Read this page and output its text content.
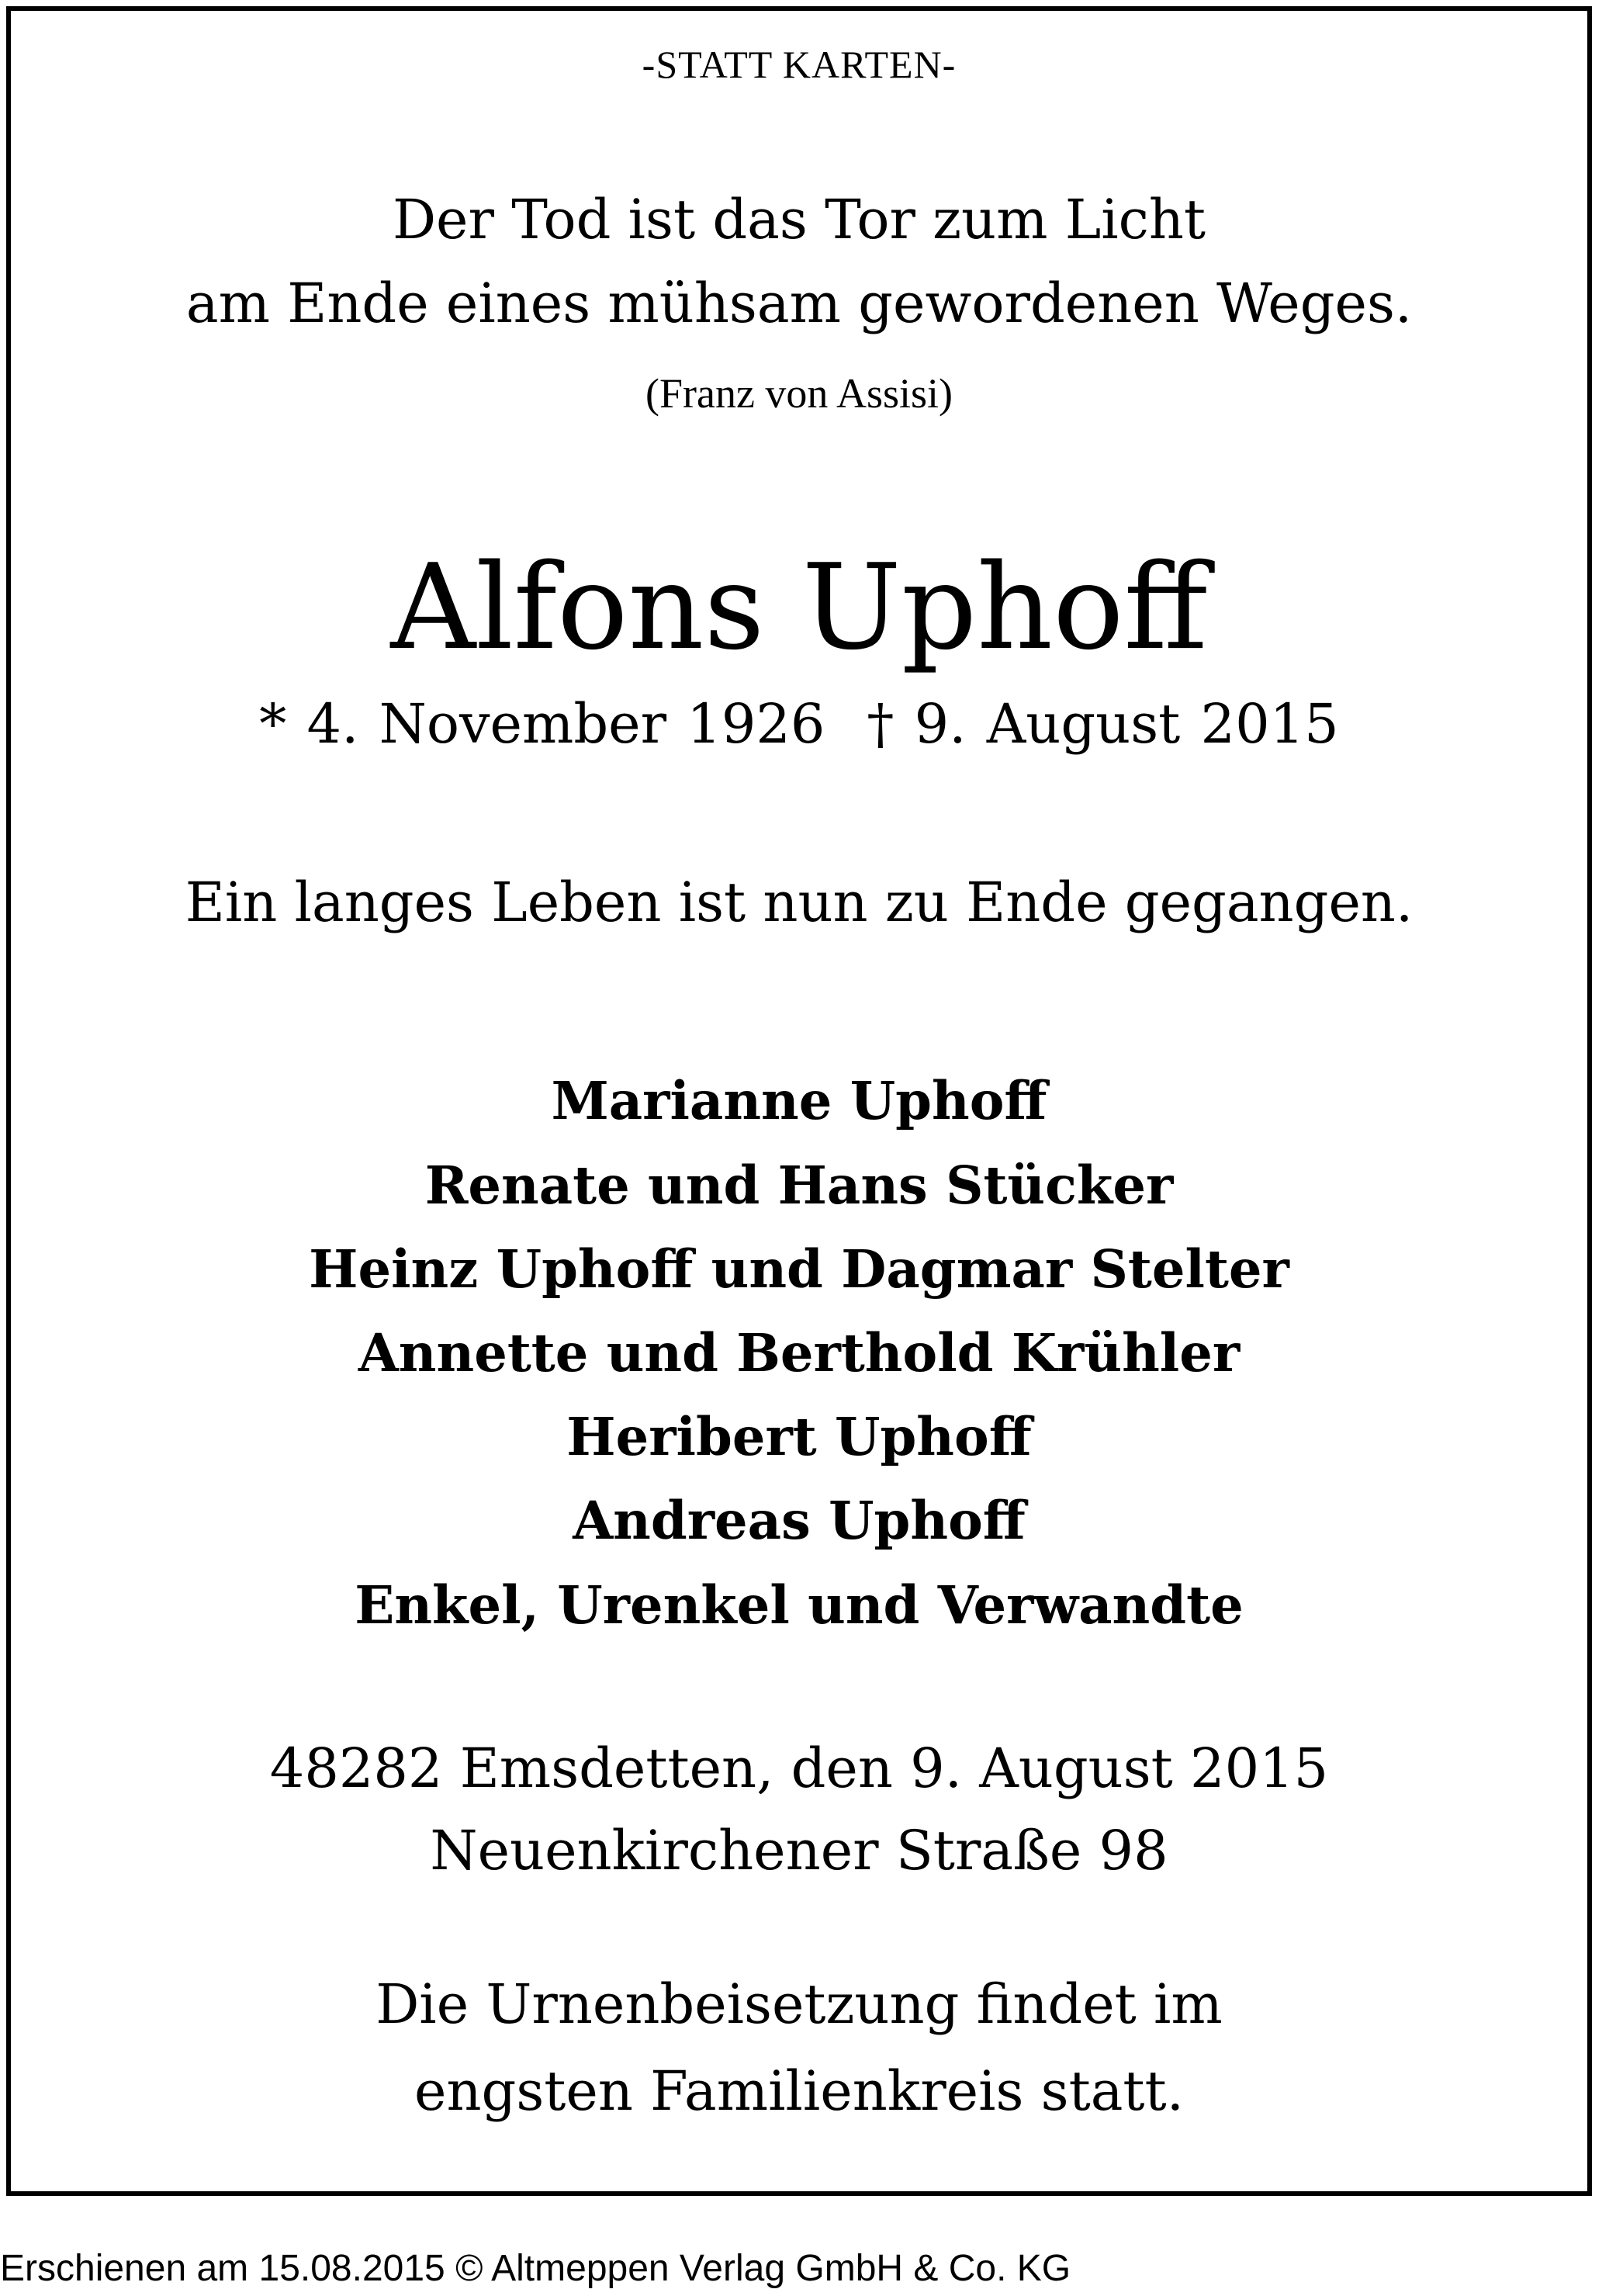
-STATT KARTEN-
Der Tod ist das Tor zum Licht
am Ende eines mühsam gewordenen Weges.
(Franz von Assisi)
Alfons Uphoff
* 4. November 1926 † 9. August 2015
Ein langes Leben ist nun zu Ende gegangen.
Marianne Uphoff
Renate und Hans Stücker
Heinz Uphoff und Dagmar Stelter
Annette und Berthold Krühler
Heribert Uphoff
Andreas Uphoff
Enkel, Urenkel und Verwandte
48282 Emsdetten, den 9. August 2015
Neuenkirchener Straße 98
Die Urnenbeisetzung findet im
engsten Familienkreis statt.
Erschienen am 15.08.2015 © Altmeppen Verlag GmbH & Co. KG
